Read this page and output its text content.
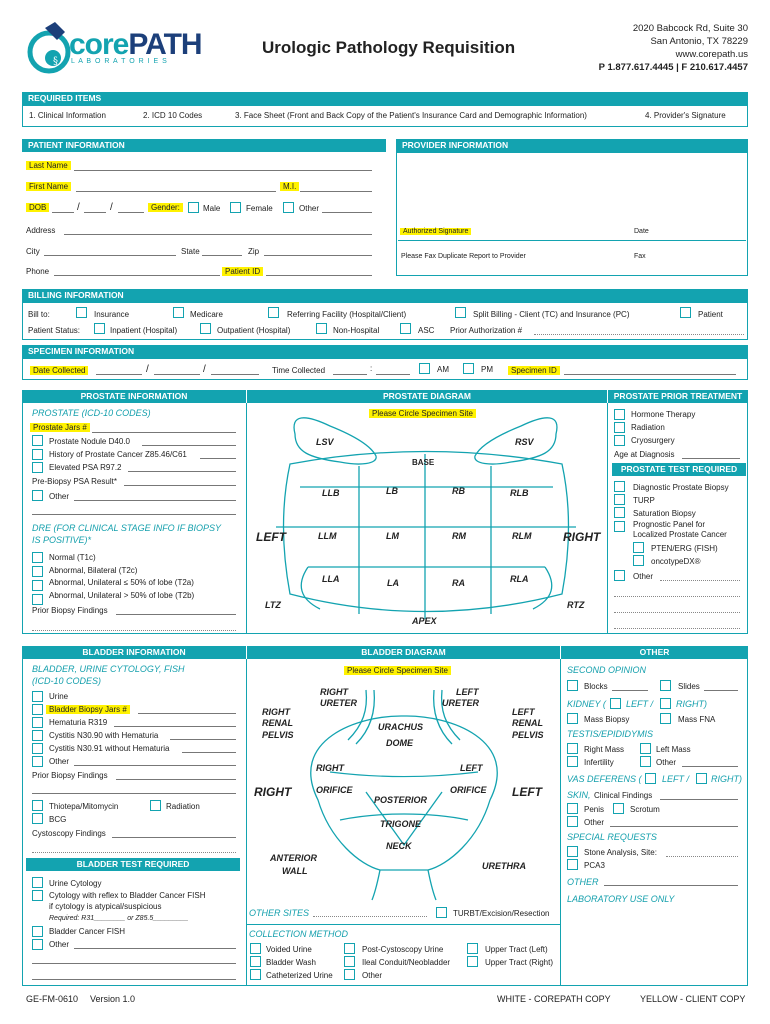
§
corePATH
L A B O R A T O R I E S
Urologic Pathology Requisition
2020 Babcock Rd, Suite 30
San Antonio, TX 78229
www.corepath.us
P 1.877.617.4445 | F 210.617.4457
REQUIRED ITEMS
1. Clinical Information	2. ICD 10 Codes	3. Face Sheet (Front and Back Copy of the Patient's Insurance Card and Demographic Information)	4. Provider's Signature
PATIENT INFORMATION	PROVIDER INFORMATION
Last Name
First Name	M.I.
DOB	/	/	Gender:	Male	Female	Other
Address
City	State	Zip
Phone	Patient ID
Authorized Signature	Date
Please Fax Duplicate Report to Provider	Fax
BILLING INFORMATION
Bill to:	Insurance	Medicare	Referring Facility (Hospital/Client)	Split Billing - Client (TC) and Insurance (PC)	Patient
Patient Status:	Inpatient (Hospital)	Outpatient (Hospital)	Non-Hospital	ASC Prior Authorization #
SPECIMEN INFORMATION
Date Collected	/	/	Time Collected	:	AM	PM	Specimen ID
PROSTATE INFORMATION	PROSTATE DIAGRAM	PROSTATE PRIOR TREATMENT
PROSTATE (ICD-10 CODES)
Prostate Jars #
Prostate Nodule D40.0
History of Prostate Cancer Z85.46/C61
Elevated PSA R97.2
Pre-Biopsy PSA Result*
Other
DRE (FOR CLINICAL STAGE INFO IF BIOPSY
IS POSITIVE)*
Normal (T1c)
Abnormal, Bilateral (T2c)
Abnormal, Unilateral ≤ 50% of lobe (T2a)
Abnormal, Unilateral > 50% of lobe (T2b)
Prior Biopsy Findings
Please Circle Specimen Site
LSV	RSV
BASE
LLB	LB	RB	RLB
LEFT	LLM	LM	RM	RLM	RIGHT
LLA	LA	RA	RLA
LTZ	RTZ
APEX
Hormone Therapy
Radiation
Cryosurgery
Age at Diagnosis
PROSTATE TEST REQUIRED
Diagnostic Prostate Biopsy
TURP
Saturation Biopsy
Prognostic Panel for
Localized Prostate Cancer
PTEN/ERG (FISH)
oncotypeDX®
Other
BLADDER INFORMATION	BLADDER DIAGRAM	OTHER
BLADDER, URINE CYTOLOGY, FISH
(ICD-10 CODES)
Urine
Bladder Biopsy Jars #
Hematuria R319
Cystitis N30.90 with Hematuria
Cystitis N30.91 without Hematuria
Other
Prior Biopsy Findings
Thiotepa/Mitomycin	Radiation
BCG
Cystoscopy Findings
BLADDER TEST REQUIRED
Urine Cytology
Cytology with reflex to Bladder Cancer FISH
if cytology is atypical/suspicious
Required: R31________ or Z85.5_________
Bladder Cancer FISH
Other
Please Circle Specimen Site
RIGHT
URETER
LEFT
URETER
RIGHT
RENAL
PELVIS
LEFT
RENAL
PELVIS
URACHUS
DOME
RIGHT	LEFT
RIGHT	LEFT
ORIFICE	ORIFICE
POSTERIOR
TRIGONE
NECK
ANTERIOR
WALL	URETHRA
OTHER SITES	TURBT/Excision/Resection
COLLECTION METHOD
Voided Urine
Bladder Wash
Catheterized Urine
Post-Cystoscopy Urine
Ileal Conduit/Neobladder
Other
Upper Tract (Left)
Upper Tract (Right)
SECOND OPINION
Blocks	Slides
KIDNEY ( LEFT /	RIGHT)
Mass Biopsy	Mass FNA
TESTIS/EPIDIDYMIS
Right Mass	Left Mass
Infertility	Other
VAS DEFERENS ( LEFT / RIGHT)
SKIN, Clinical Findings
Penis	Scrotum
Other
SPECIAL REQUESTS
Stone Analysis, Site:
PCA3
OTHER
LABORATORY USE ONLY
GE-FM-0610 Version 1.0	WHITE - COREPATH COPY	YELLOW - CLIENT COPY
